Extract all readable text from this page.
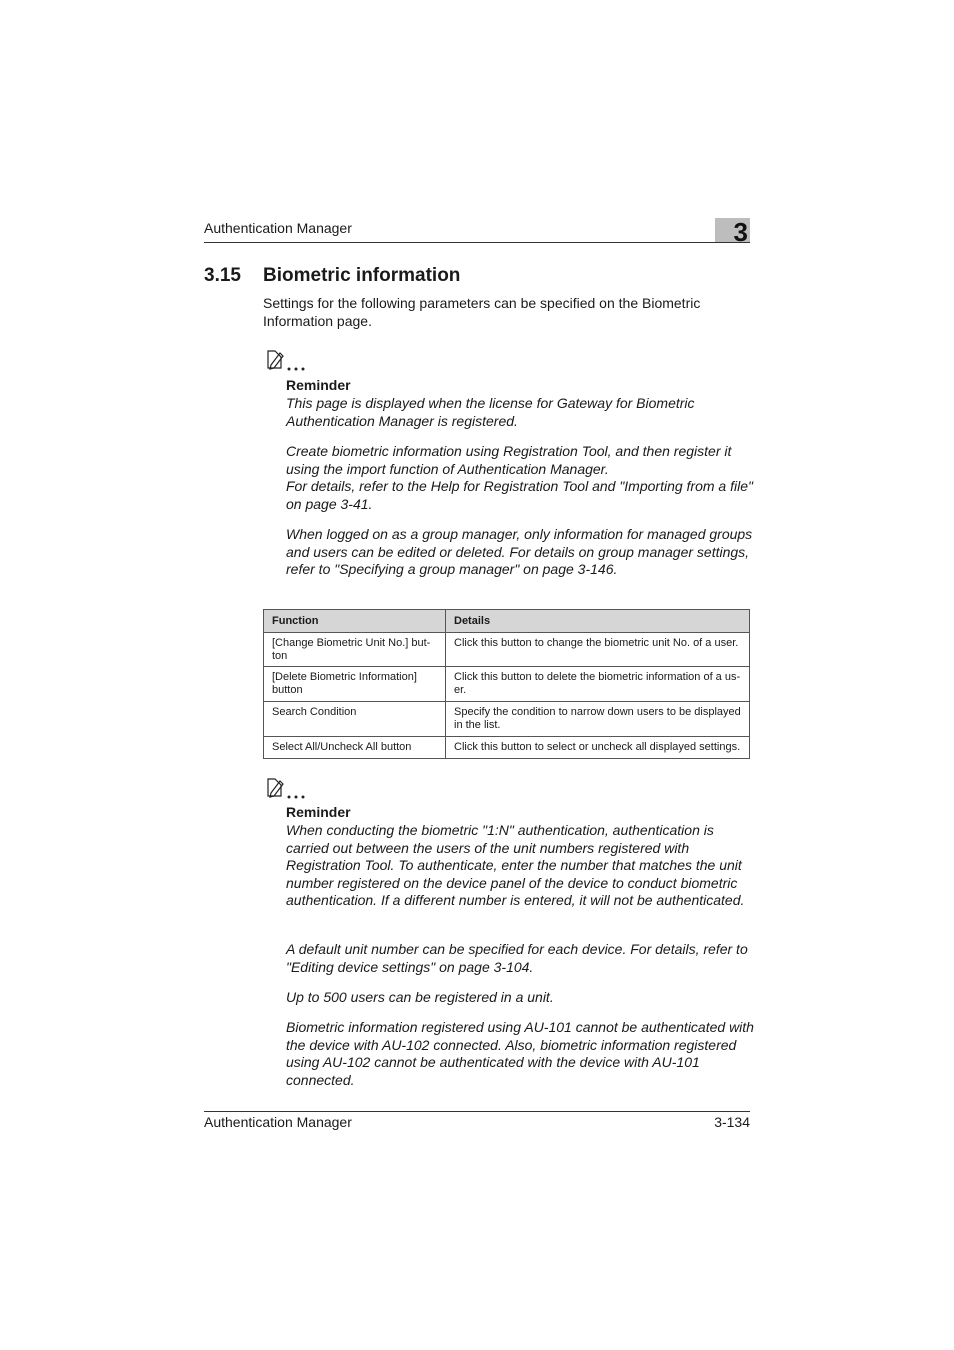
Authentication Manager	3
3.15 Biometric information
Settings for the following parameters can be specified on the Biometric Information page.
Reminder

This page is displayed when the license for Gateway for Biometric Authentication Manager is registered.

Create biometric information using Registration Tool, and then register it using the import function of Authentication Manager.

For details, refer to the Help for Registration Tool and "Importing from a file" on page 3-41.

When logged on as a group manager, only information for managed groups and users can be edited or deleted. For details on group manager settings, refer to "Specifying a group manager" on page 3-146.

Function	Details
[Change Biometric Unit No.] but-ton	Click this button to change the biometric unit No. of a user.
[Delete Biometric Information] button	Click this button to delete the biometric information of a us-er.
Search Condition	Specify the condition to narrow down users to be displayed in the list.
Select All/Uncheck All button	Click this button to select or uncheck all displayed settings.
Reminder

When conducting the biometric "1:N" authentication, authentication is carried out between the users of the unit numbers registered with Registration Tool. To authenticate, enter the number that matches the unit number registered on the device panel of the device to conduct biometric authentication. If a different number is entered, it will not be authenticated.

A default unit number can be specified for each device. For details, refer to "Editing device settings" on page 3-104.

Up to 500 users can be registered in a unit.

Biometric information registered using AU-101 cannot be authenticated with the device with AU-102 connected. Also, biometric information registered using AU-102 cannot be authenticated with the device with AU-101 connected.

Authentication Manager	3-134
